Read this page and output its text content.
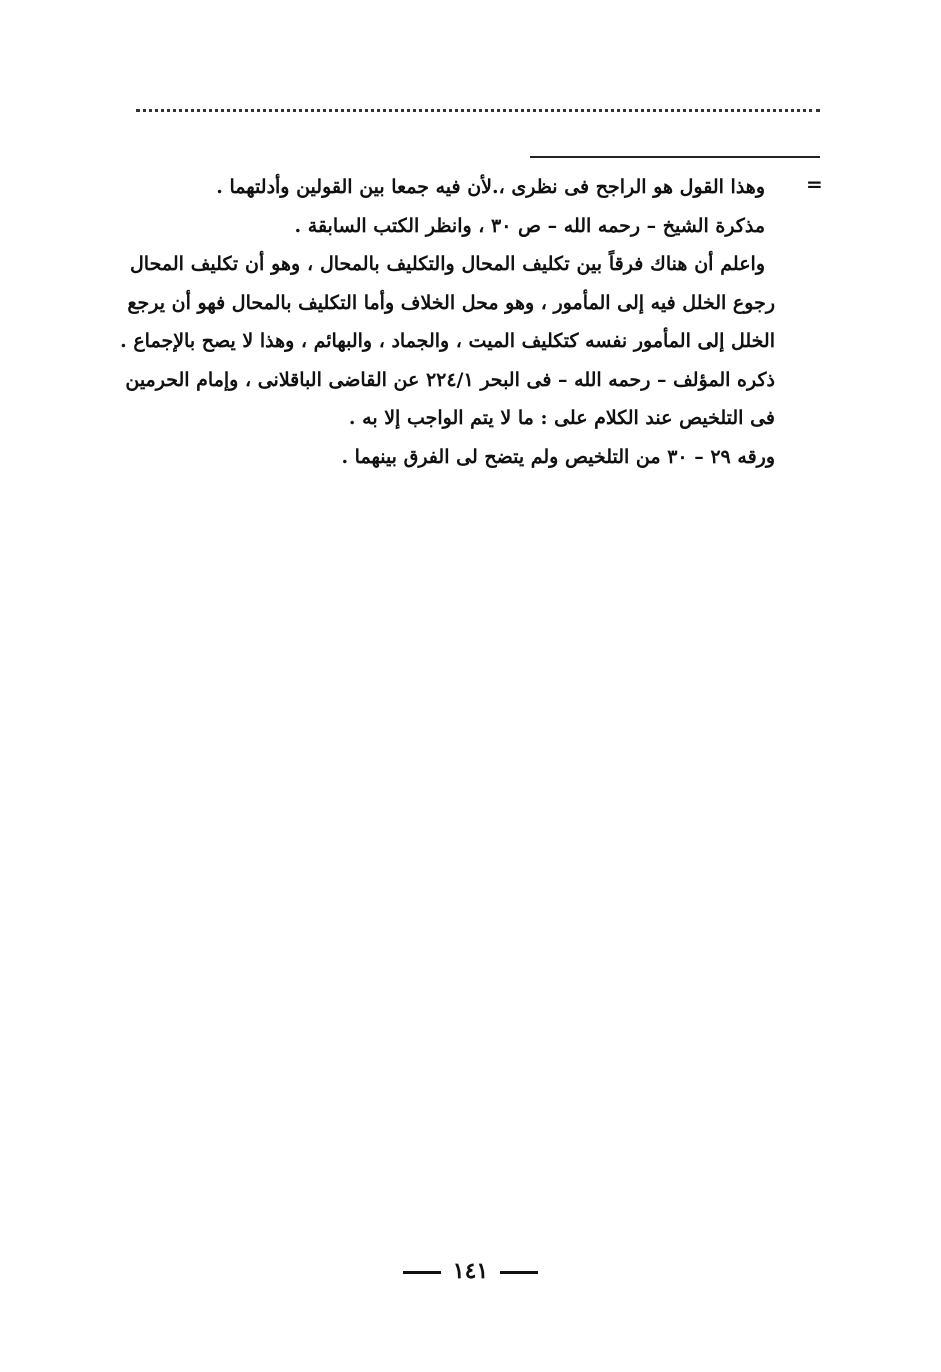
=
وهذا القول هو الراجح فى نظرى ،.لأن فيه جمعا بين القولين وأدلتهما .
مذكرة الشيخ – رحمه الله – ص ٣٠ ، وانظر الكتب السابقة .
واعلم أن هناك فرقاً بين تكليف المحال والتكليف بالمحال ، وهو أن تكليف المحال
رجوع الخلل فيه إلى المأمور ، وهو محل الخلاف وأما التكليف بالمحال فهو أن يرجع
الخلل إلى المأمور نفسه كتكليف الميت ، والجماد ، والبهائم ، وهذا لا يصح بالإجماع .
ذكره المؤلف – رحمه الله – فى البحر ٢٢٤/١ عن القاضى الباقلانى ، وإمام الحرمين
فى التلخيص عند الكلام على : ما لا يتم الواجب إلا به .
ورقه ٢٩ – ٣٠ من التلخيص ولم يتضح لى الفرق بينهما .
١٤١
